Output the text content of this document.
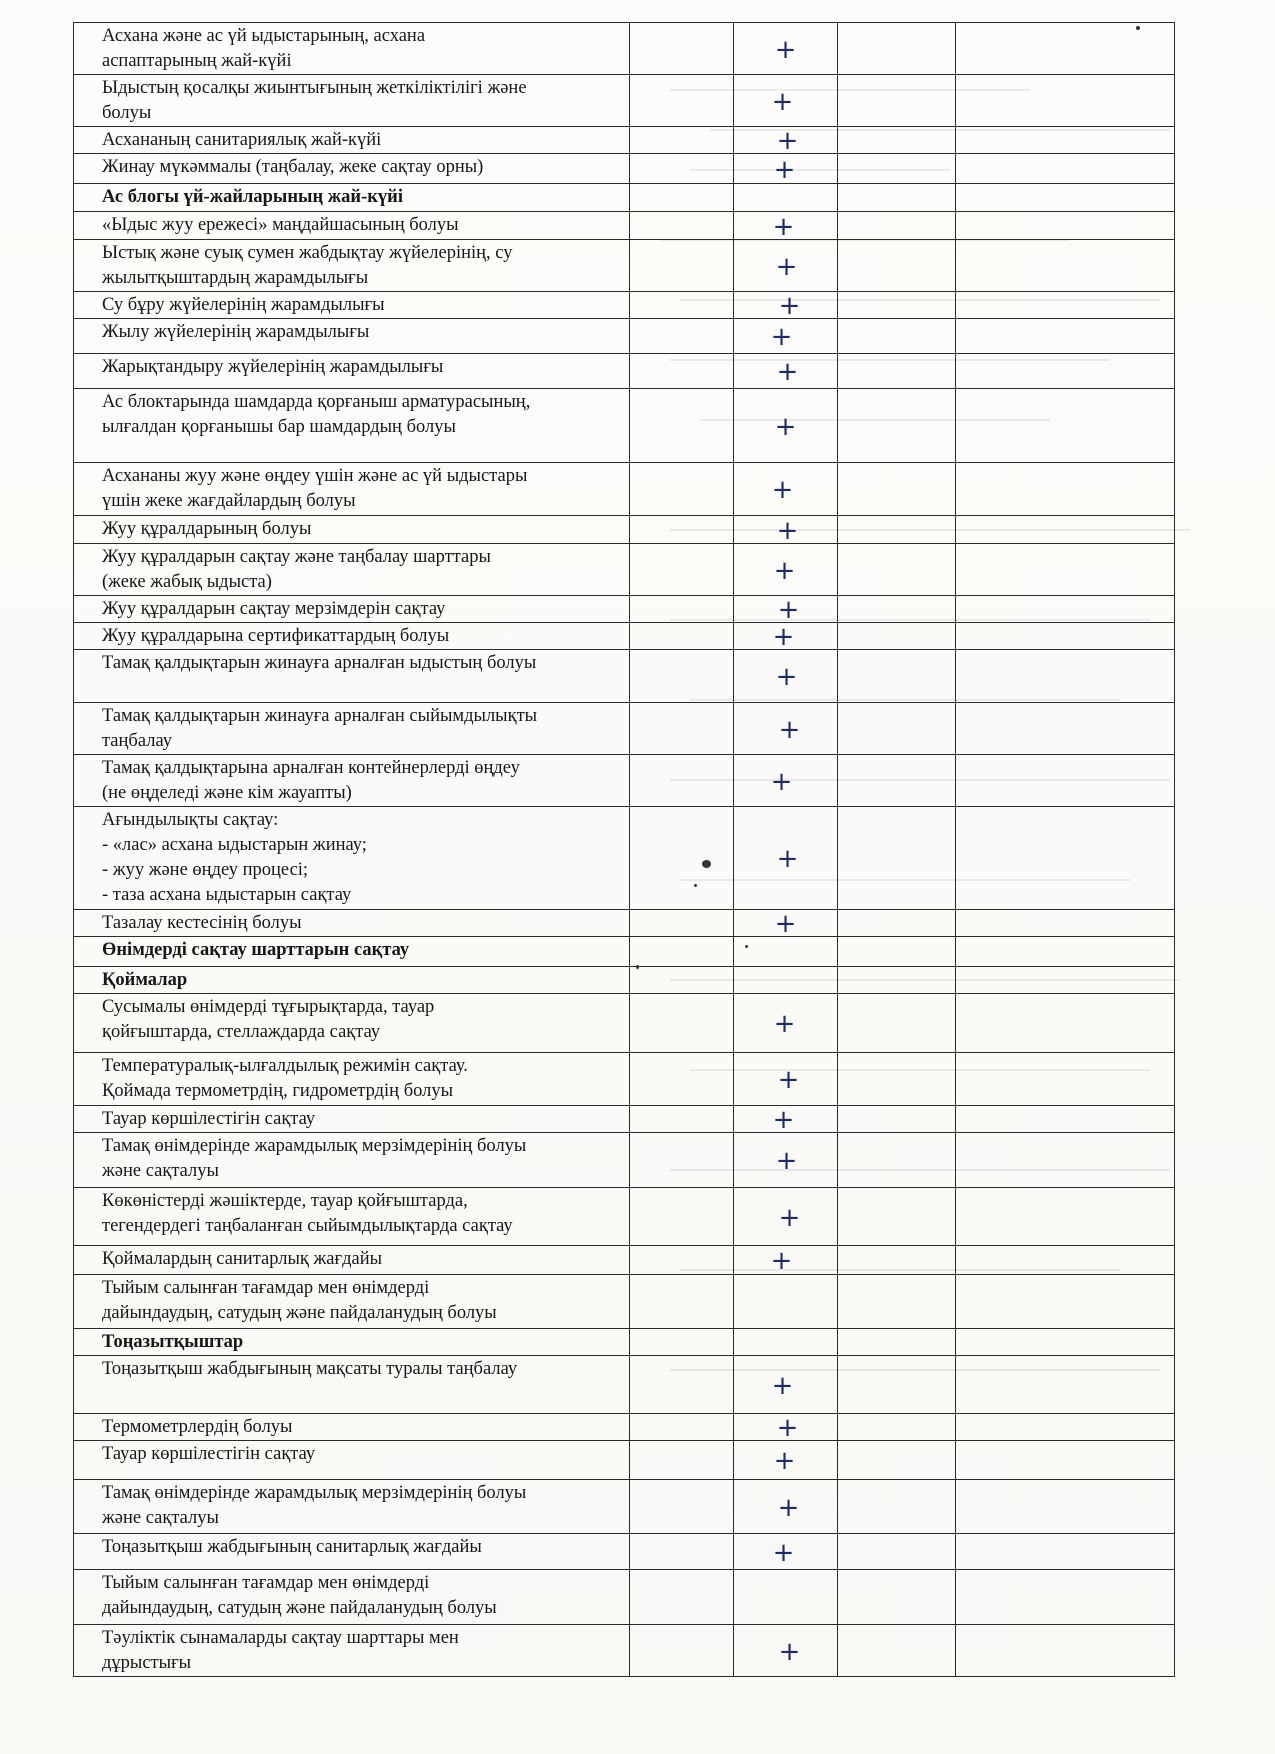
Асхана және ас үй ыдыстарының, асхана
аспаптарының жай-күйі		+			

Ыдыстың қосалқы жиынтығының жеткіліктілігі және
болуы		+			

Асхананың санитариялық жай-күйі		+			

Жинау мүкәммалы (таңбалау, жеке сақтау орны)		+			

Ас блогы үй-жайларының жай-күйі					

«Ыдыс жуу ережесі» маңдайшасының болуы		+			

Ыстық және суық сумен жабдықтау жүйелерінің, су
жылытқыштардың жарамдылығы		+			

Су бұру жүйелерінің жарамдылығы		+			

Жылу жүйелерінің жарамдылығы		+			

Жарықтандыру жүйелерінің жарамдылығы		+			

Ас блоктарында шамдарда қорғаныш арматурасының,
ылғалдан қорғанышы бар шамдардың болуы		+			

Асхананы жуу және өңдеу үшін және ас үй ыдыстары
үшін жеке жағдайлардың болуы		+			

Жуу құралдарының болуы		+			

Жуу құралдарын сақтау және таңбалау шарттары
(жеке жабық ыдыста)		+			

Жуу құралдарын сақтау мерзімдерін сақтау		+			

Жуу құралдарына сертификаттардың болуы		+			

Тамақ қалдықтарын жинауға арналған ыдыстың болуы		+			

Тамақ қалдықтарын жинауға арналған сыйымдылықты
таңбалау		+			

Тамақ қалдықтарына арналған контейнерлерді өңдеу
(не өңделеді және кім жауапты)		+			

Ағындылықты сақтау:
- «лас» асхана ыдыстарын жинау;
- жуу және өңдеу процесі;
- таза асхана ыдыстарын сақтау		+			

Тазалау кестесінің болуы		+			

Өнімдерді сақтау шарттарын сақтау					

Қоймалар					

Сусымалы өнімдерді тұғырықтарда, тауар
қойғыштарда, стеллаждарда сақтау		+			

Температуралық-ылғалдылық режимін сақтау.
Қоймада термометрдің, гидрометрдің болуы		+			

Тауар көршілестігін сақтау		+			

Тамақ өнімдерінде жарамдылық мерзімдерінің болуы
және сақталуы		+			

Көкөністерді жәшіктерде, тауар қойғыштарда,
тегендердегі таңбаланған сыйымдылықтарда сақтау		+			

Қоймалардың санитарлық жағдайы		+			

Тыйым салынған тағамдар мен өнімдерді
дайындаудың, сатудың және пайдаланудың болуы

Тоңазытқыштар					

Тоңазытқыш жабдығының мақсаты туралы таңбалау		+			

Термометрлердің болуы		+			

Тауар көршілестігін сақтау		+			

Тамақ өнімдерінде жарамдылық мерзімдерінің болуы
және сақталуы		+			

Тоңазытқыш жабдығының санитарлық жағдайы		+			

Тыйым салынған тағамдар мен өнімдерді
дайындаудың, сатудың және пайдаланудың болуы

Тәуліктік сынамаларды сақтау шарттары мен
дұрыстығы		+			
